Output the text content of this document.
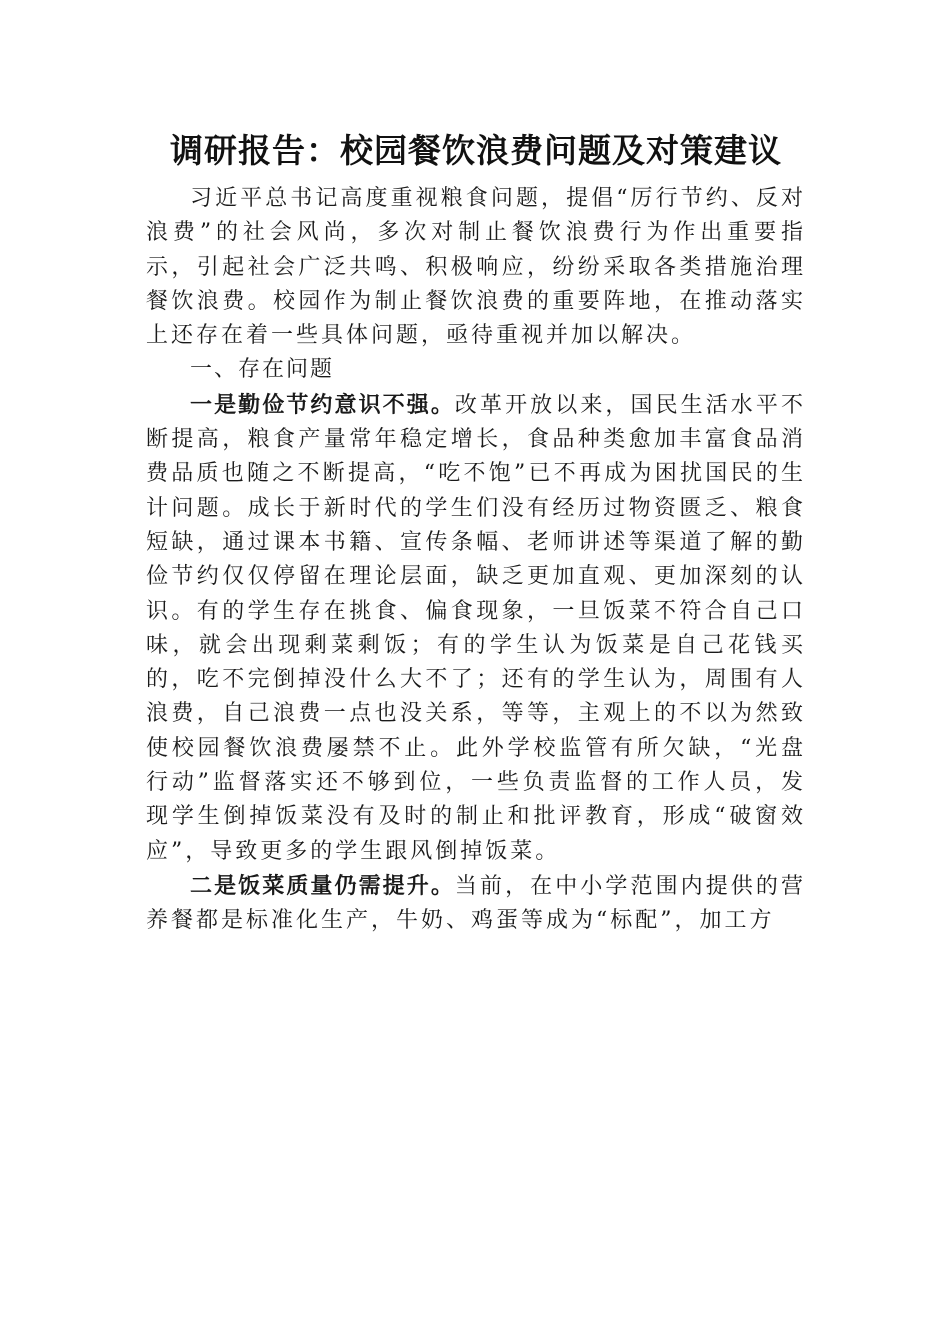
调研报告：校园餐饮浪费问题及对策建议

习近平总书记高度重视粮食问题，提倡“厉行节约、反对浪费”的社会风尚，多次对制止餐饮浪费行为作出重要指示，引起社会广泛共鸣、积极响应，纷纷采取各类措施治理餐饮浪费。校园作为制止餐饮浪费的重要阵地，在推动落实上还存在着一些具体问题，亟待重视并加以解决。

一、存在问题

一是勤俭节约意识不强。改革开放以来，国民生活水平不断提高，粮食产量常年稳定增长，食品种类愈加丰富食品消费品质也随之不断提高，“吃不饱”已不再成为困扰国民的生计问题。成长于新时代的学生们没有经历过物资匮乏、粮食短缺，通过课本书籍、宣传条幅、老师讲述等渠道了解的勤俭节约仅仅停留在理论层面，缺乏更加直观、更加深刻的认识。有的学生存在挑食、偏食现象，一旦饭菜不符合自己口味，就会出现剩菜剩饭；有的学生认为饭菜是自己花钱买的，吃不完倒掉没什么大不了；还有的学生认为，周围有人浪费，自己浪费一点也没关系，等等，主观上的不以为然致使校园餐饮浪费屡禁不止。此外学校监管有所欠缺，“光盘行动”监督落实还不够到位，一些负责监督的工作人员，发现学生倒掉饭菜没有及时的制止和批评教育，形成“破窗效应”，导致更多的学生跟风倒掉饭菜。

二是饭菜质量仍需提升。当前，在中小学范围内提供的营养餐都是标准化生产，牛奶、鸡蛋等成为“标配”，加工方
